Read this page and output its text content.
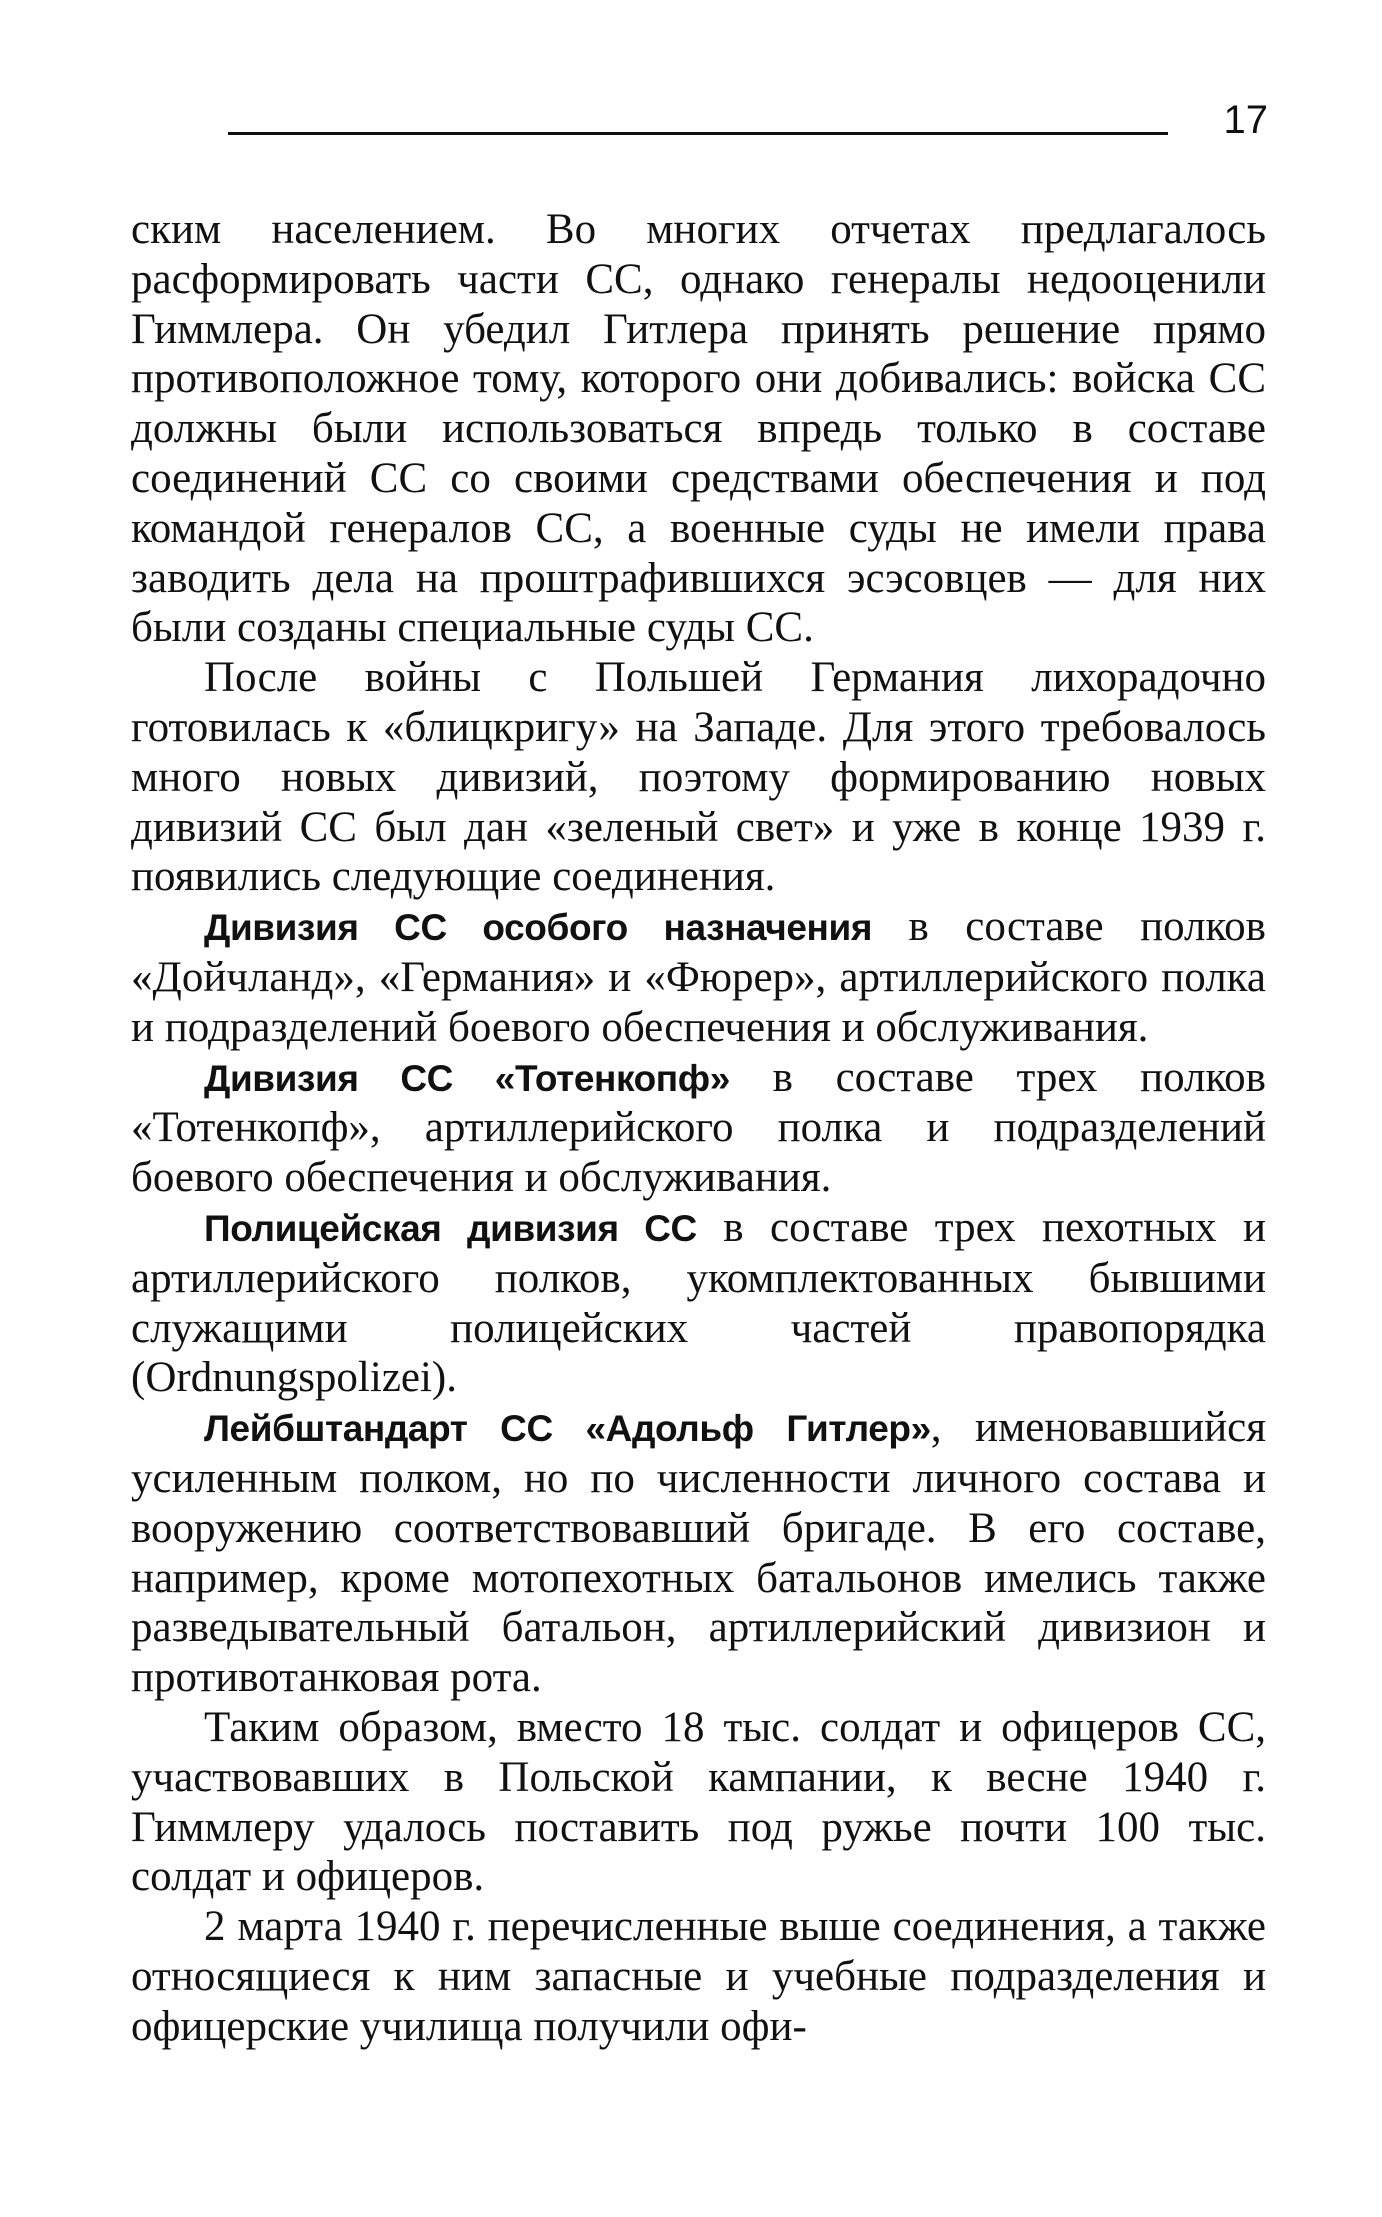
17

ским населением. Во многих отчетах предлагалось расформировать части СС, однако генералы недооценили Гиммлера. Он убедил Гитлера принять решение прямо противоположное тому, которого они добивались: войска СС должны были использоваться впредь только в составе соединений СС со своими средствами обеспечения и под командой генералов СС, а военные суды не имели права заводить дела на проштрафившихся эсэсовцев — для них были созданы специальные суды СС.

После войны с Польшей Германия лихорадочно готовилась к «блицкригу» на Западе. Для этого требовалось много новых дивизий, поэтому формированию новых дивизий СС был дан «зеленый свет» и уже в конце 1939 г. появились следующие соединения.

Дивизия СС особого назначения в составе полков «Дойчланд», «Германия» и «Фюрер», артиллерийского полка и подразделений боевого обеспечения и обслуживания.

Дивизия СС «Тотенкопф» в составе трех полков «Тотенкопф», артиллерийского полка и подразделений боевого обеспечения и обслуживания.

Полицейская дивизия СС в составе трех пехотных и артиллерийского полков, укомплектованных бывшими служащими полицейских частей правопорядка (Ordnungspolizei).

Лейбштандарт СС «Адольф Гитлер», именовавшийся усиленным полком, но по численности личного состава и вооружению соответствовавший бригаде. В его составе, например, кроме мотопехотных батальонов имелись также разведывательный батальон, артиллерийский дивизион и противотанковая рота.

Таким образом, вместо 18 тыс. солдат и офицеров СС, участвовавших в Польской кампании, к весне 1940 г. Гиммлеру удалось поставить под ружье почти 100 тыс. солдат и офицеров.

2 марта 1940 г. перечисленные выше соединения, а также относящиеся к ним запасные и учебные подразделения и офицерские училища получили офи-
